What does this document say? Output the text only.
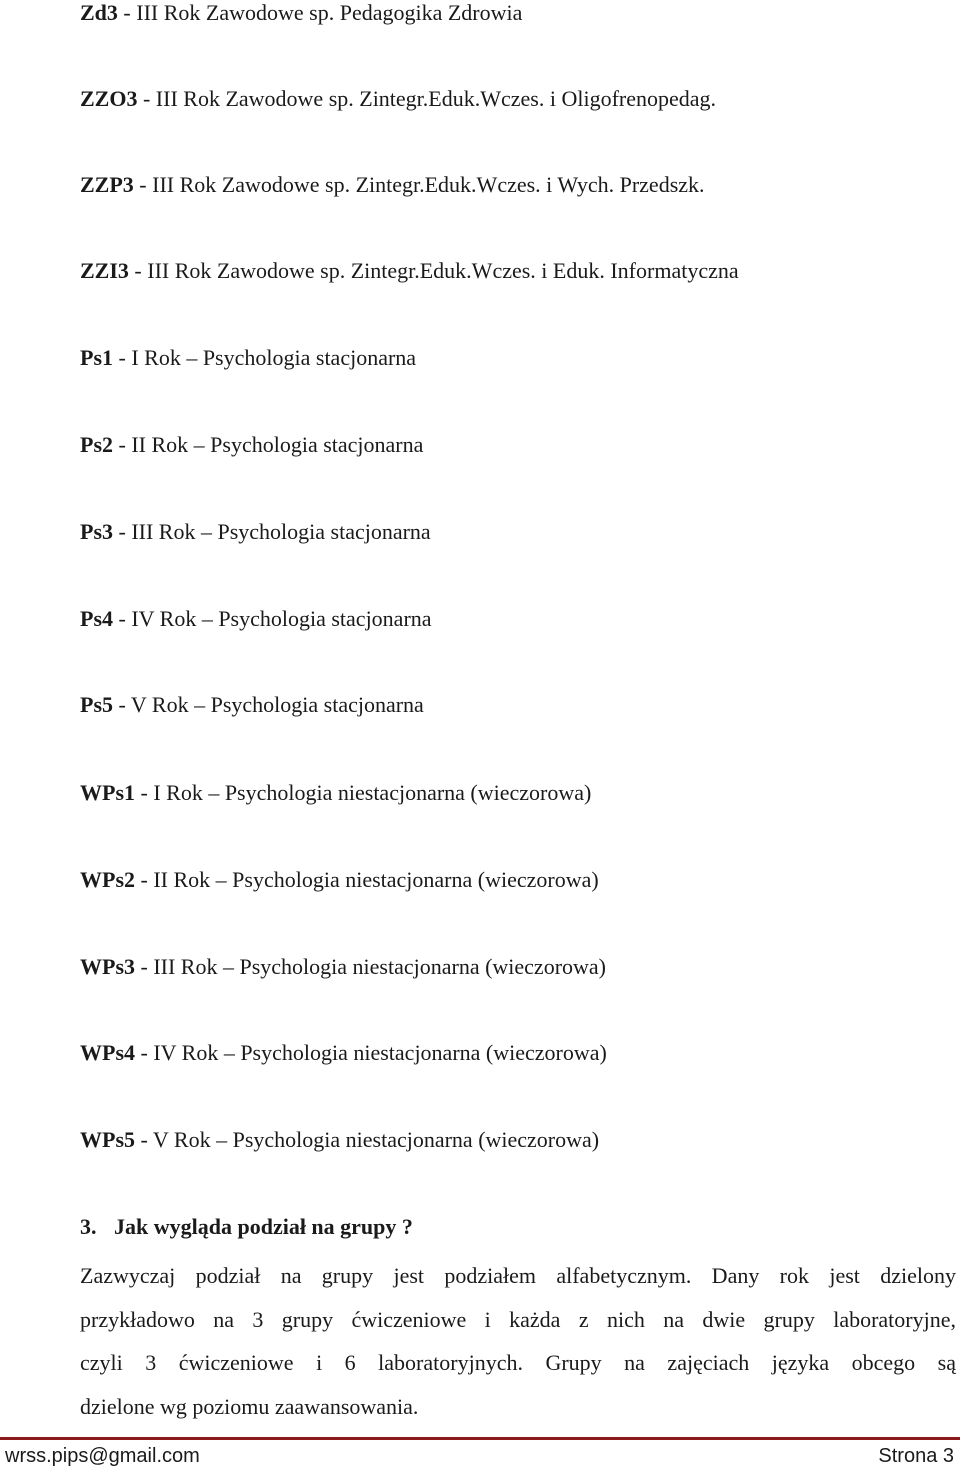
Zd3 - III Rok Zawodowe sp. Pedagogika Zdrowia
ZZO3 - III Rok Zawodowe sp. Zintegr.Eduk.Wczes. i Oligofrenopedag.
ZZP3 - III Rok Zawodowe sp. Zintegr.Eduk.Wczes. i Wych. Przedszk.
ZZI3 - III Rok Zawodowe sp. Zintegr.Eduk.Wczes. i Eduk. Informatyczna
Ps1 - I Rok – Psychologia stacjonarna
Ps2 - II Rok – Psychologia stacjonarna
Ps3 - III Rok – Psychologia stacjonarna
Ps4 - IV Rok – Psychologia stacjonarna
Ps5 - V Rok – Psychologia stacjonarna
WPs1 - I Rok – Psychologia niestacjonarna (wieczorowa)
WPs2 - II Rok – Psychologia niestacjonarna (wieczorowa)
WPs3 - III Rok – Psychologia niestacjonarna (wieczorowa)
WPs4 - IV Rok – Psychologia niestacjonarna (wieczorowa)
WPs5 - V Rok – Psychologia niestacjonarna (wieczorowa)
3. Jak wygląda podział na grupy ?
Zazwyczaj podział na grupy jest podziałem alfabetycznym. Dany rok jest dzielony
przykładowo na 3 grupy ćwiczeniowe i każda z nich na dwie grupy laboratoryjne,
czyli 3 ćwiczeniowe i 6 laboratoryjnych. Grupy na zajęciach języka obcego są
dzielone wg poziomu zaawansowania.
wrss.pips@gmail.com	Strona 3
